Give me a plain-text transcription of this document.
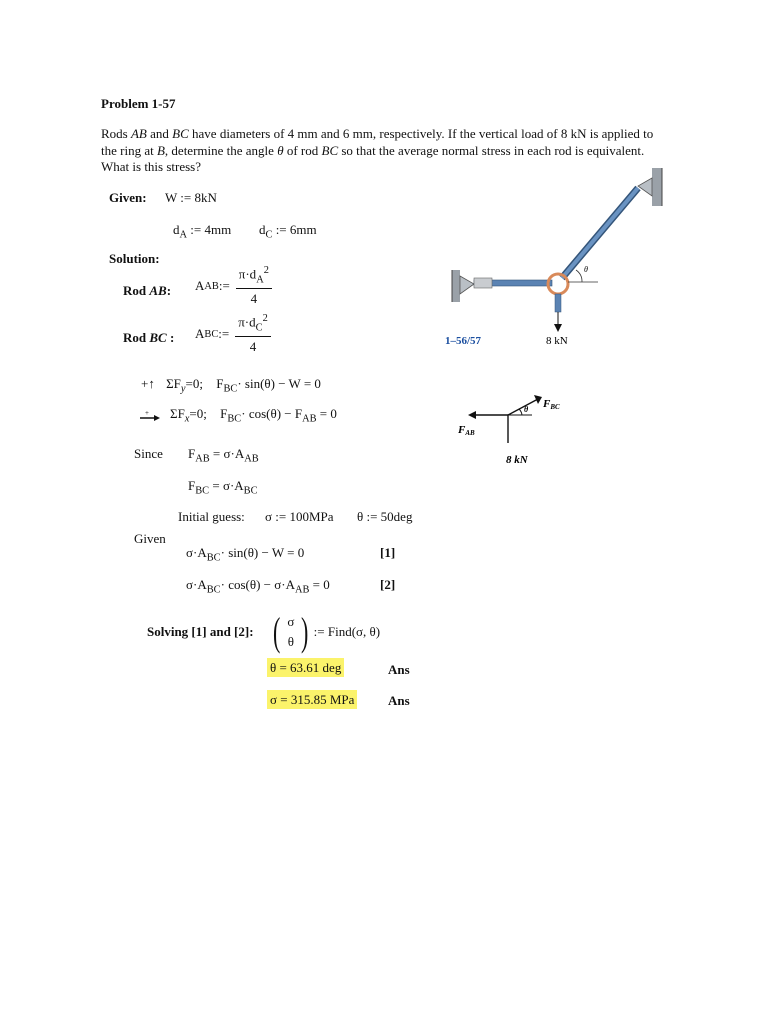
Problem 1-57
Rods AB and BC have diameters of 4 mm and 6 mm, respectively. If the vertical load of 8 kN is applied to the ring at B, determine the angle θ of rod BC so that the average normal stress in each rod is equivalent. What is this stress?
Given: W := 8kN
$d_A$ := 4mm $d_C$ := 6mm
Solution:
Rod AB: A AB := $\frac{\pi\cdot d_A^2}{4}$
Rod BC : A BC := $\frac{\pi\cdot d_C^2}{4}$
+↑ $\Sigma F_y=0$; $F_{BC}\cdot \sin(\theta) - W = 0$
+ $\Sigma F_x=0$; $F_{BC}\cdot \cos(\theta) - F_{AB} = 0$
Since $F_{AB} = \sigma\cdot A_{AB}$
$F_{BC} = \sigma\cdot A_{BC}$
Initial guess: σ := 100MPa θ := 50deg
Given
$\sigma\cdot A_{BC}\cdot \sin(\theta) - W = 0$	[1]
$\sigma\cdot A_{BC}\cdot \cos(\theta) - \sigma\cdot A_{AB} = 0$	[2]
Solving [1] and [2]: ( σ
θ ) := Find(σ, θ)
θ = 63.61 deg	Ans
σ = 315.85 MPa	Ans
θ
8 kN
1–56/57
θ FBC
FAB
8 kN
